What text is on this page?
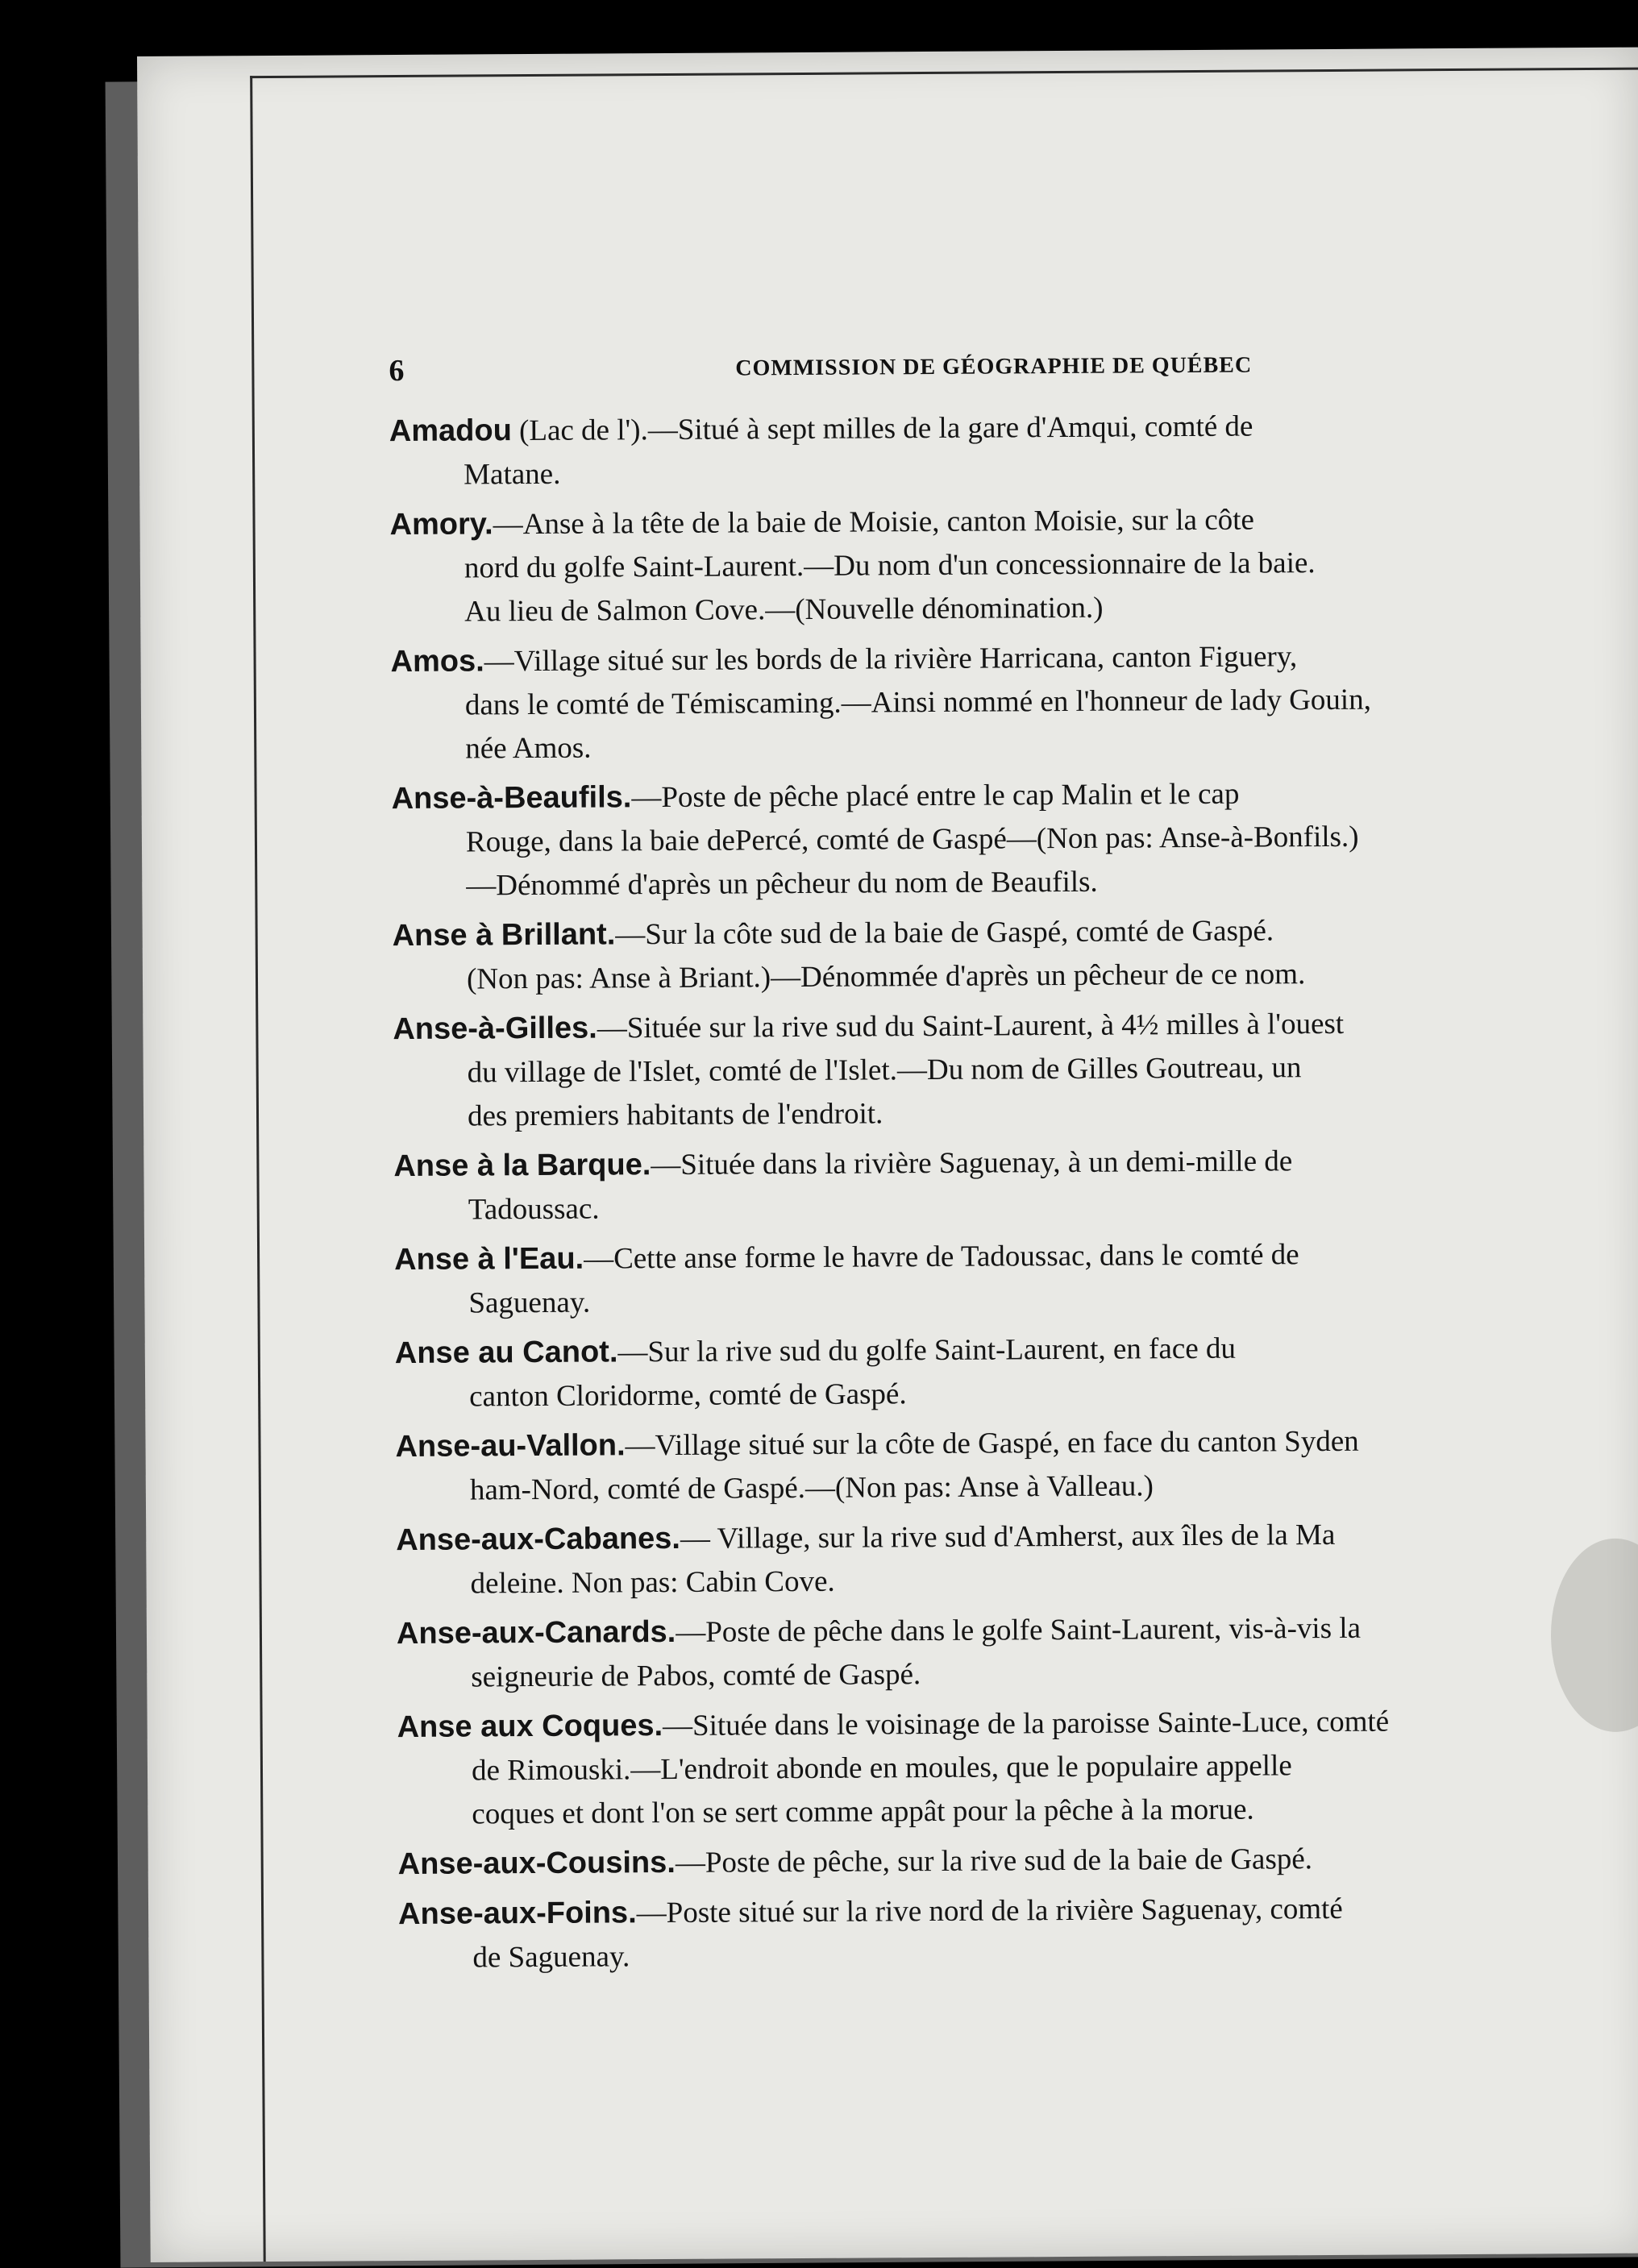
6	COMMISSION DE GÉOGRAPHIE DE QUÉBEC
Amadou (Lac de l').—Situé à sept milles de la gare d'Amqui, comté de
Matane.
Amory.—Anse à la tête de la baie de Moisie, canton Moisie, sur la côte
nord du golfe Saint-Laurent.—Du nom d'un concessionnaire de la baie.
Au lieu de Salmon Cove.—(Nouvelle dénomination.)
Amos.—Village situé sur les bords de la rivière Harricana, canton Figuery,
dans le comté de Témiscaming.—Ainsi nommé en l'honneur de lady Gouin,
née Amos.
Anse-à-Beaufils.—Poste de pêche placé entre le cap Malin et le cap
Rouge, dans la baie dePercé, comté de Gaspé—(Non pas: Anse-à-Bonfils.)
—Dénommé d'après un pêcheur du nom de Beaufils.
Anse à Brillant.—Sur la côte sud de la baie de Gaspé, comté de Gaspé.
(Non pas: Anse à Briant.)—Dénommée d'après un pêcheur de ce nom.
Anse-à-Gilles.—Située sur la rive sud du Saint-Laurent, à 4½ milles à l'ouest
du village de l'Islet, comté de l'Islet.—Du nom de Gilles Goutreau, un
des premiers habitants de l'endroit.
Anse à la Barque.—Située dans la rivière Saguenay, à un demi-mille de
Tadoussac.
Anse à l'Eau.—Cette anse forme le havre de Tadoussac, dans le comté de
Saguenay.
Anse au Canot.—Sur la rive sud du golfe Saint-Laurent, en face du
canton Cloridorme, comté de Gaspé.
Anse-au-Vallon.—Village situé sur la côte de Gaspé, en face du canton Syden
ham-Nord, comté de Gaspé.—(Non pas: Anse à Valleau.)
Anse-aux-Cabanes.— Village, sur la rive sud d'Amherst, aux îles de la Ma
deleine. Non pas: Cabin Cove.
Anse-aux-Canards.—Poste de pêche dans le golfe Saint-Laurent, vis-à-vis la
seigneurie de Pabos, comté de Gaspé.
Anse aux Coques.—Située dans le voisinage de la paroisse Sainte-Luce, comté
de Rimouski.—L'endroit abonde en moules, que le populaire appelle
coques et dont l'on se sert comme appât pour la pêche à la morue.
Anse-aux-Cousins.—Poste de pêche, sur la rive sud de la baie de Gaspé.
Anse-aux-Foins.—Poste situé sur la rive nord de la rivière Saguenay, comté
de Saguenay.
